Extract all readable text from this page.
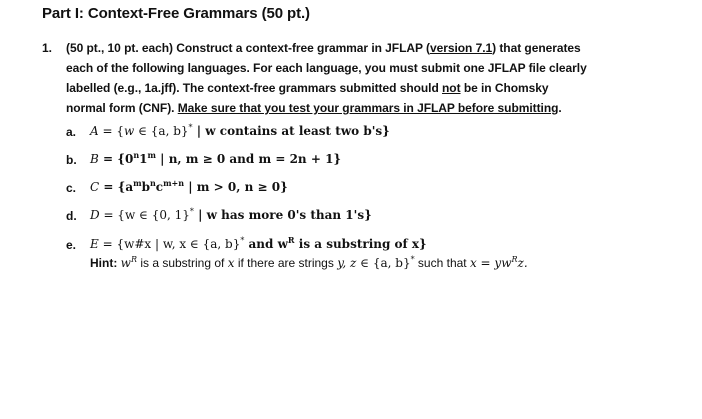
Part I: Context-Free Grammars (50 pt.)
1. (50 pt., 10 pt. each) Construct a context-free grammar in JFLAP (version 7.1) that generates
each of the following languages. For each language, you must submit one JFLAP file clearly
labelled (e.g., 1a.jff). The context-free grammars submitted should not be in Chomsky
normal form (CNF). Make sure that you test your grammars in JFLAP before submitting.
a. A = {w ∈ {a, b}* | w contains at least two b's}
b. $B = \{0^n1^m$ | n, m ≥ 0 and m = 2n + 1}
c. $C = \{a^mb^nc^{m+n}$ | m > 0, n ≥ 0}
d. D = {w ∈ {0, 1}* | w has more 0's than 1's}
e. E = {w#x | w, x ∈ {a, b}* and $w^R$ is a substring of x}
Hint: $w^R$ is a substring of x if there are strings y, z ∈ {a, b}* such that $x = yw^Rz$.
